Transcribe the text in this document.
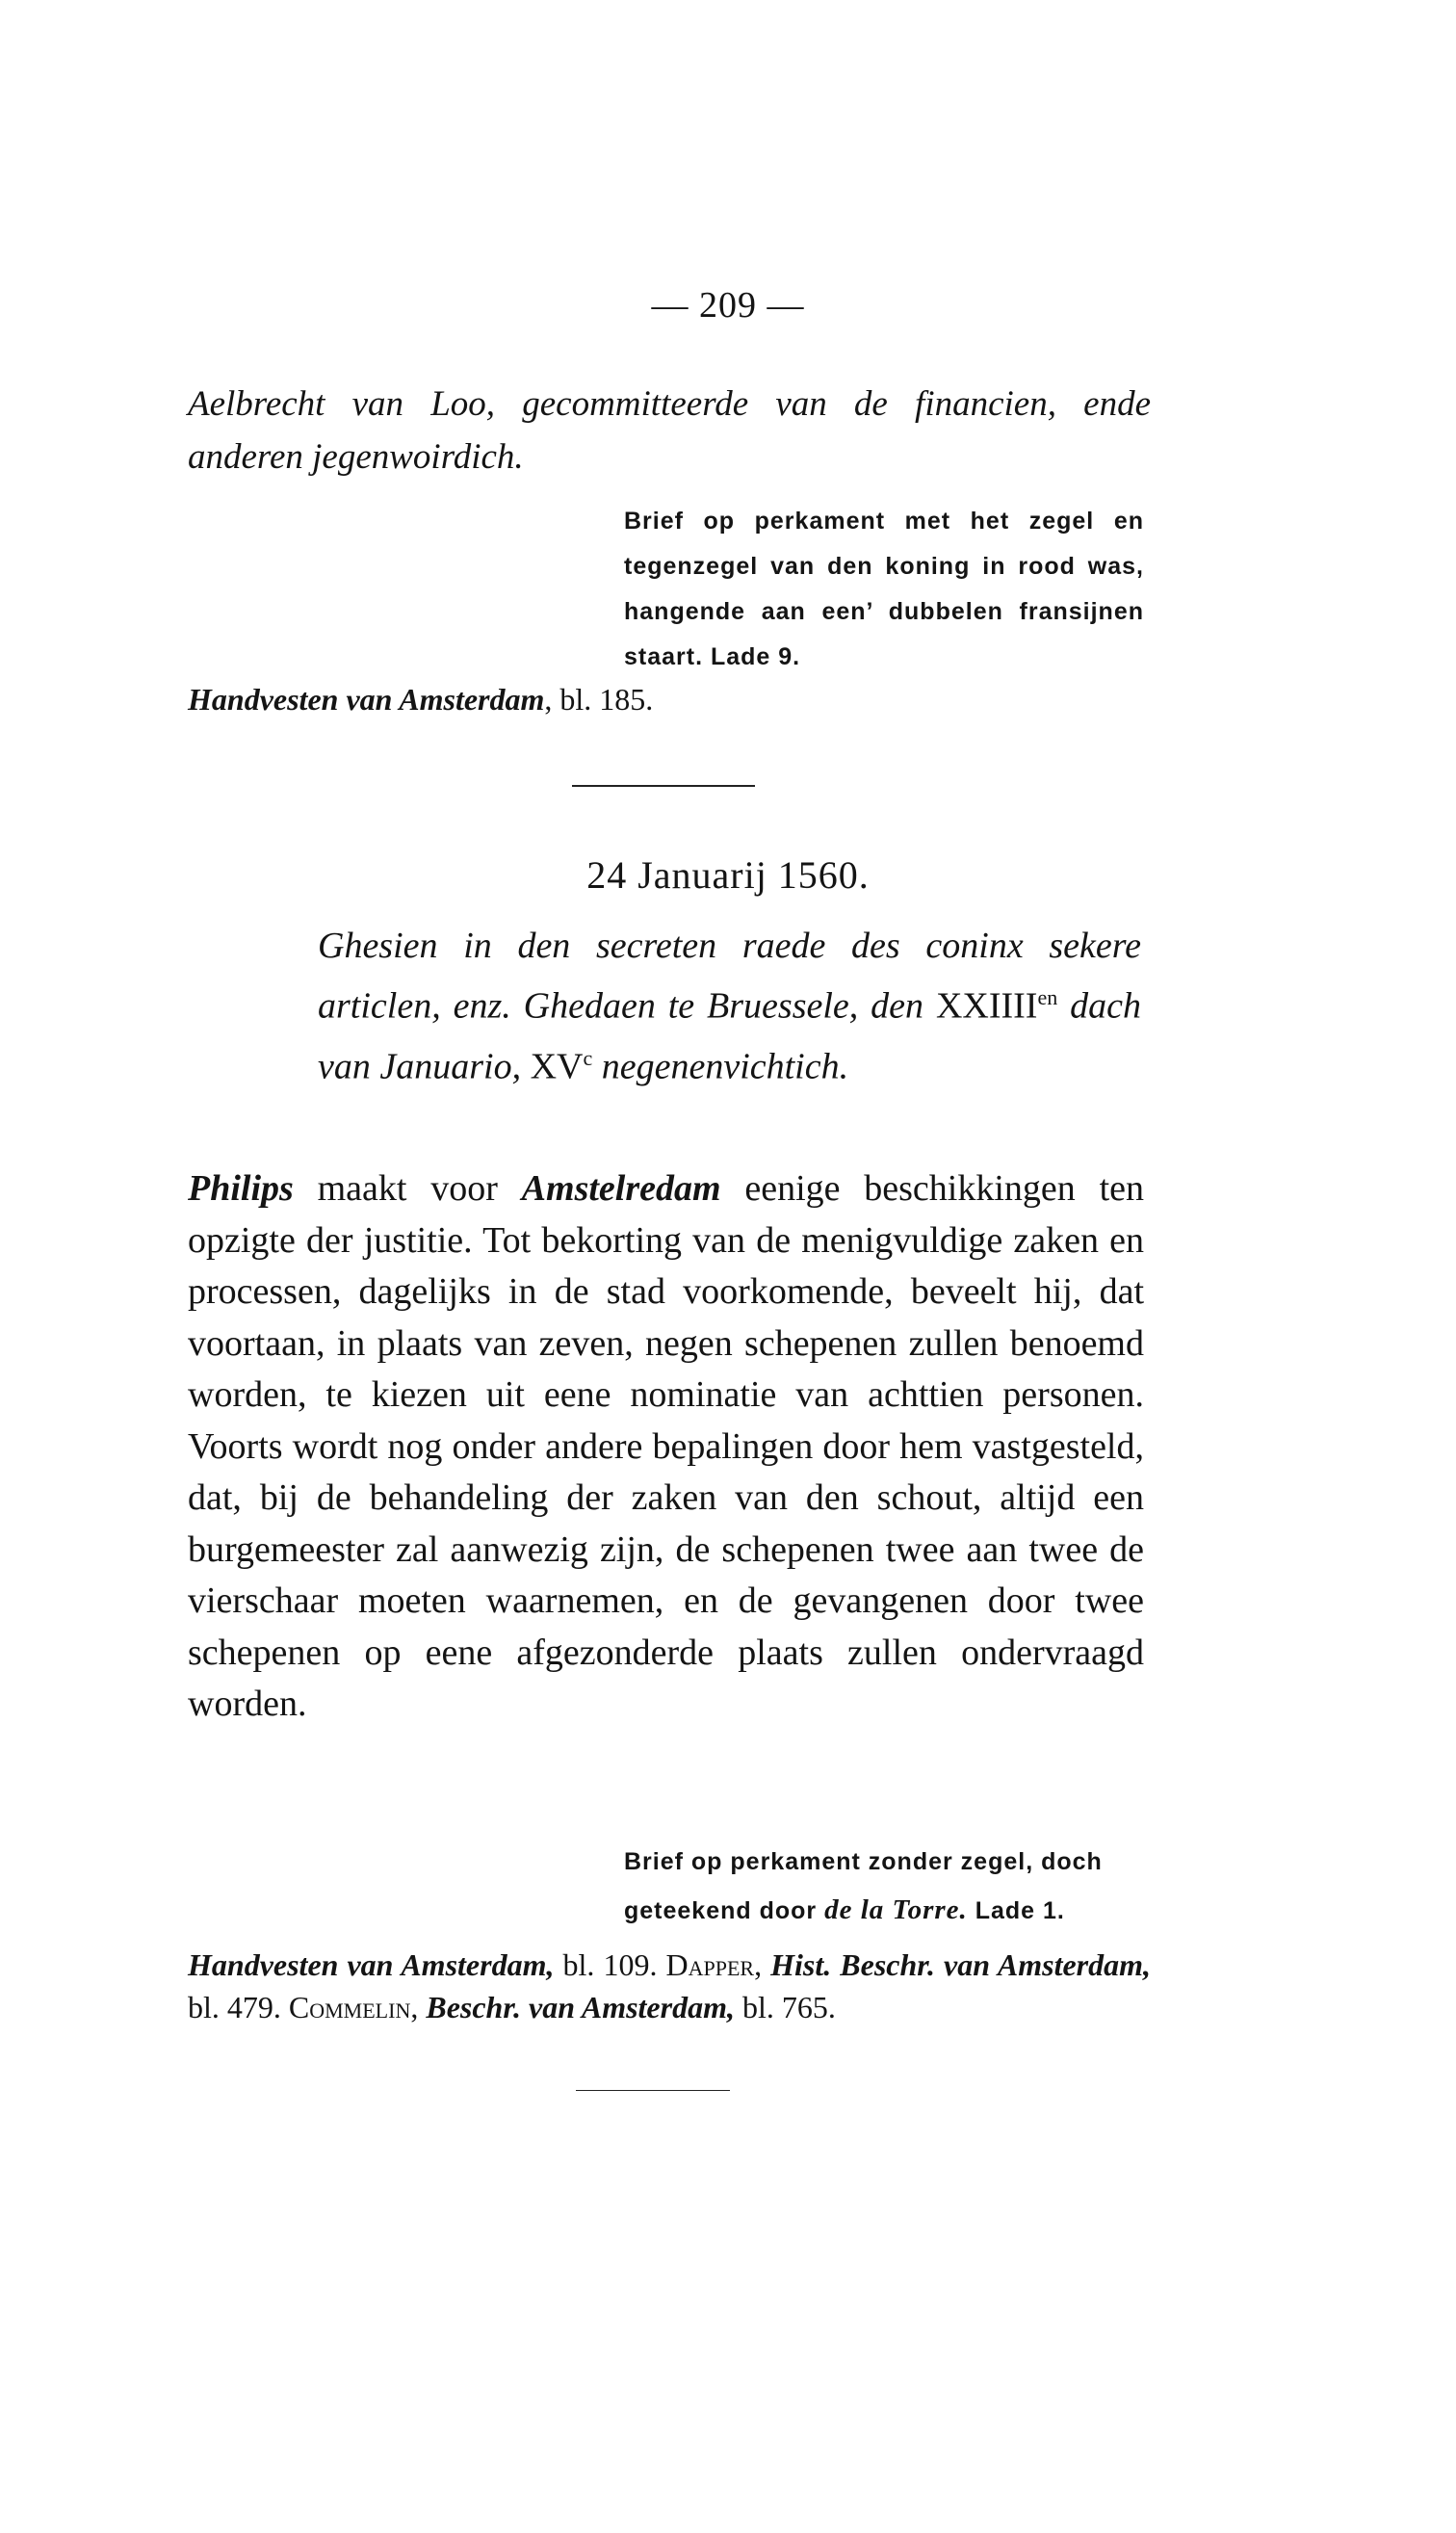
— 209 —
Aelbrecht van Loo, gecommitteerde van de financien, ende
anderen jegenwoirdich.

Brief op perkament met het zegel en tegenzegel van den koning in rood was, hangende aan een’ dubbelen fransijnen staart. Lade 9.

Handvesten van Amsterdam, bl. 185.

24 Januarij 1560.

Ghesien in den secreten raede des coninx sekere articlen, enz. Ghedaen te Bruessele, den $XXIIII^{en}$ dach van Januario, $XV^c$ negenenvichtich.

Philips maakt voor Amstelredam eenige beschikkingen ten opzigte der justitie. Tot bekorting van de menigvuldige zaken en processen, dagelijks in de stad voorkomende, beveelt hij, dat voortaan, in plaats van zeven, negen schepenen zullen benoemd worden, te kiezen uit eene nominatie van achttien personen. Voorts wordt nog onder andere bepalingen door hem vastgesteld, dat, bij de behandeling der zaken van den schout, altijd een burgemeester zal aanwezig zijn, de schepenen twee aan twee de vierschaar moeten waarnemen, en de gevangenen door twee schepenen op eene afgezonderde plaats zullen ondervraagd worden.

Brief op perkament zonder zegel, doch
geteekend door de la Torre. Lade 1.

Handvesten van Amsterdam, bl. 109. Dapper, Hist. Beschr. van Amsterdam, bl. 479. Commelin, Beschr. van Amsterdam, bl. 765.
